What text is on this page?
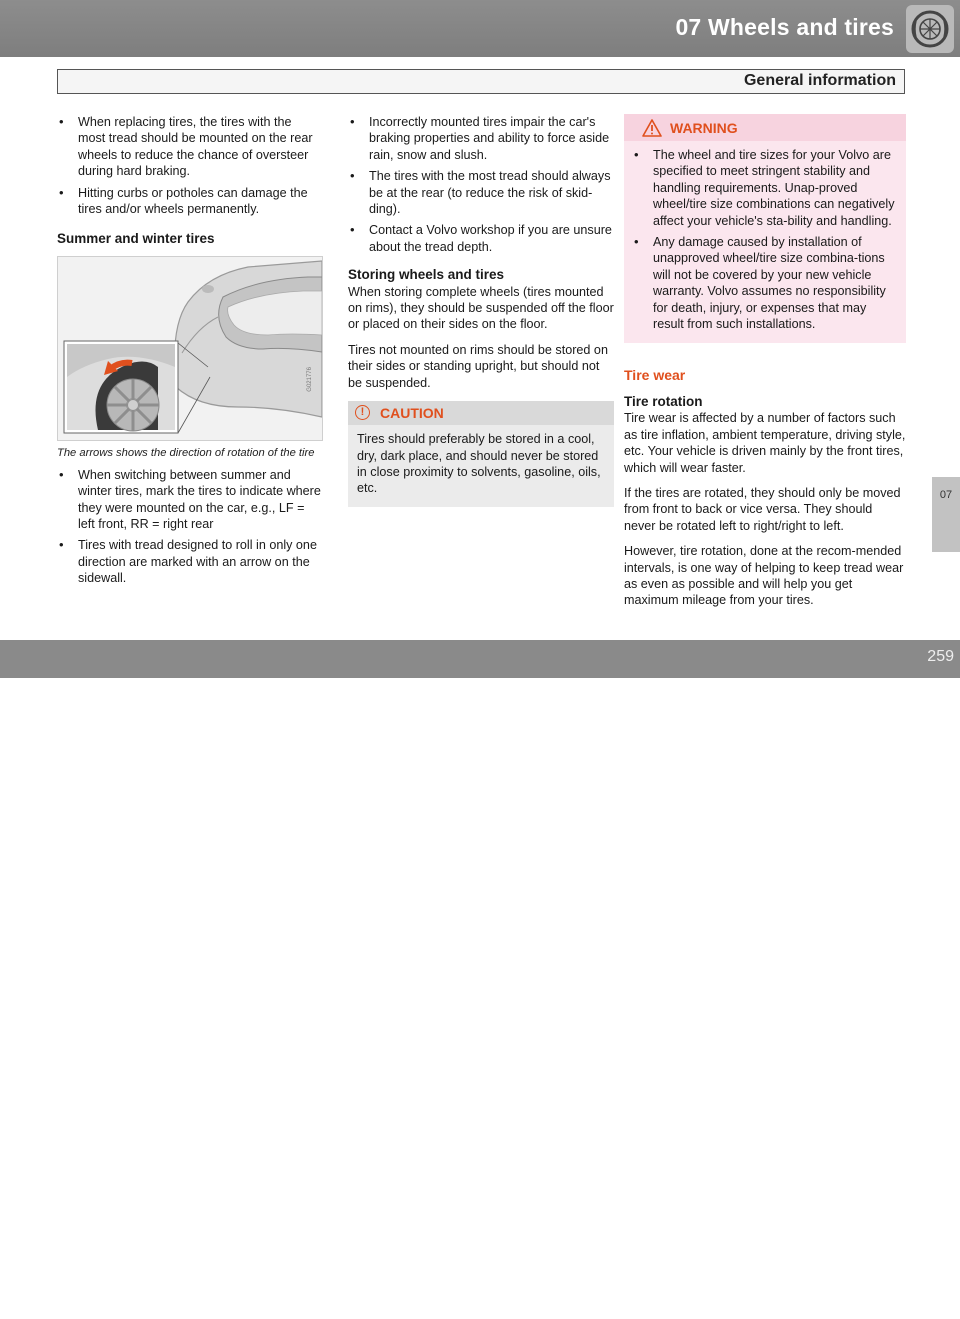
07 Wheels and tires
General information
• When replacing tires, the tires with the most tread should be mounted on the rear wheels to reduce the chance of oversteer during hard braking.
• Hitting curbs or potholes can damage the tires and/or wheels permanently.
Summer and winter tires
G021776
The arrows shows the direction of rotation of the tire
• When switching between summer and winter tires, mark the tires to indicate where they were mounted on the car, e.g., LF = left front, RR = right rear
• Tires with tread designed to roll in only one direction are marked with an arrow on the sidewall.
• Incorrectly mounted tires impair the car's braking properties and ability to force aside rain, snow and slush.
• The tires with the most tread should always be at the rear (to reduce the risk of skid-ding).
• Contact a Volvo workshop if you are unsure about the tread depth.
Storing wheels and tires

When storing complete wheels (tires mounted on rims), they should be suspended off the floor or placed on their sides on the floor.

Tires not mounted on rims should be stored on their sides or standing upright, but should not be suspended.

!	CAUTION
Tires should preferably be stored in a cool, dry, dark place, and should never be stored in close proximity to solvents, gasoline, oils, etc.
WARNING
• The wheel and tire sizes for your Volvo are specified to meet stringent stability and handling requirements. Unap-proved wheel/tire size combinations can negatively affect your vehicle's sta-bility and handling.
• Any damage caused by installation of unapproved wheel/tire size combina-tions will not be covered by your new vehicle warranty. Volvo assumes no responsibility for death, injury, or expenses that may result from such installations.
Tire wear
Tire rotation

Tire wear is affected by a number of factors such as tire inflation, ambient temperature, driving style, etc. Your vehicle is driven mainly by the front tires, which will wear faster.

If the tires are rotated, they should only be moved from front to back or vice versa. They should never be rotated left to right/right to left.

However, tire rotation, done at the recom-mended intervals, is one way of helping to keep tread wear as even as possible and will help you get maximum mileage from your tires.

07
carmanualsonline.info
259
